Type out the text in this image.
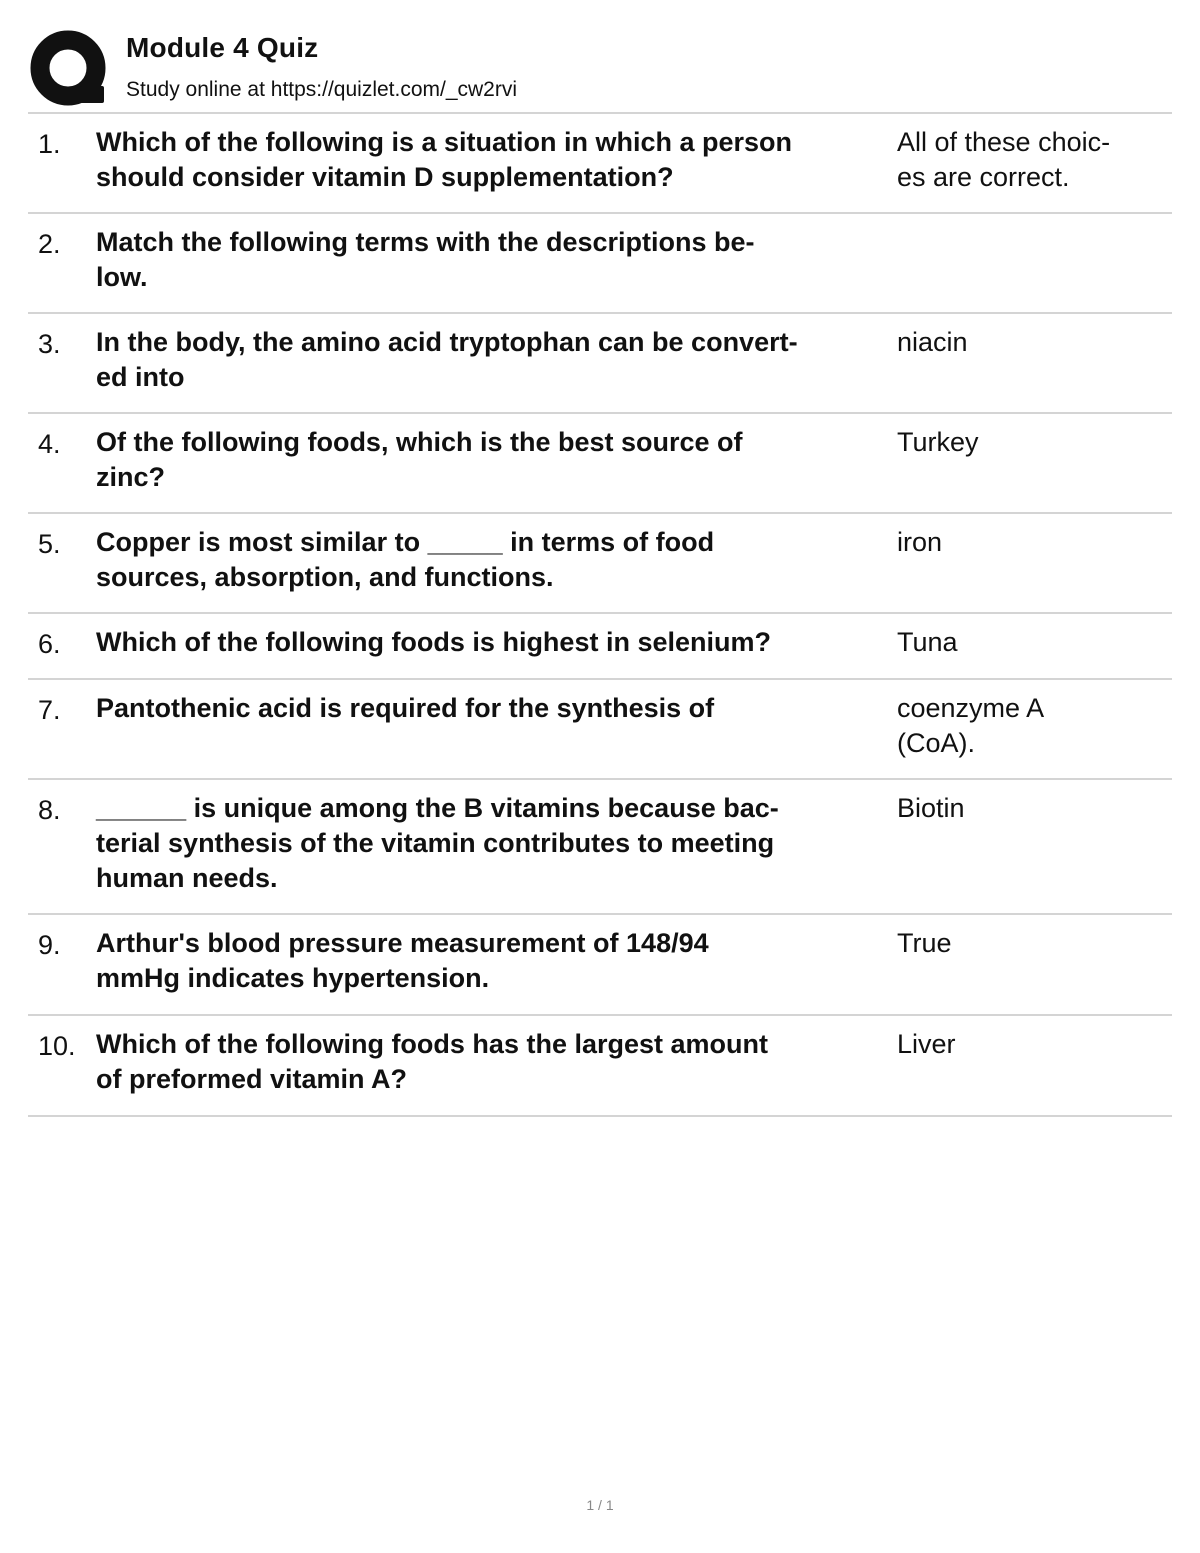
Module 4 Quiz
Study online at https://quizlet.com/_cw2rvi
1. Which of the following is a situation in which a person
should consider vitamin D supplementation?
All of these choic-
es are correct.
2. Match the following terms with the descriptions be-
low.
3. In the body, the amino acid tryptophan can be convert-
ed into
niacin
4. Of the following foods, which is the best source of
zinc?
Turkey
5. Copper is most similar to _____ in terms of food
sources, absorption, and functions.
iron
6. Which of the following foods is highest in selenium?	Tuna
7. Pantothenic acid is required for the synthesis of	coenzyme A
(CoA).
8. ______ is unique among the B vitamins because bac-
terial synthesis of the vitamin contributes to meeting
human needs.
Biotin
9. Arthur's blood pressure measurement of 148/94
mmHg indicates hypertension.
True
10. Which of the following foods has the largest amount
of preformed vitamin A?
Liver
1 / 1
